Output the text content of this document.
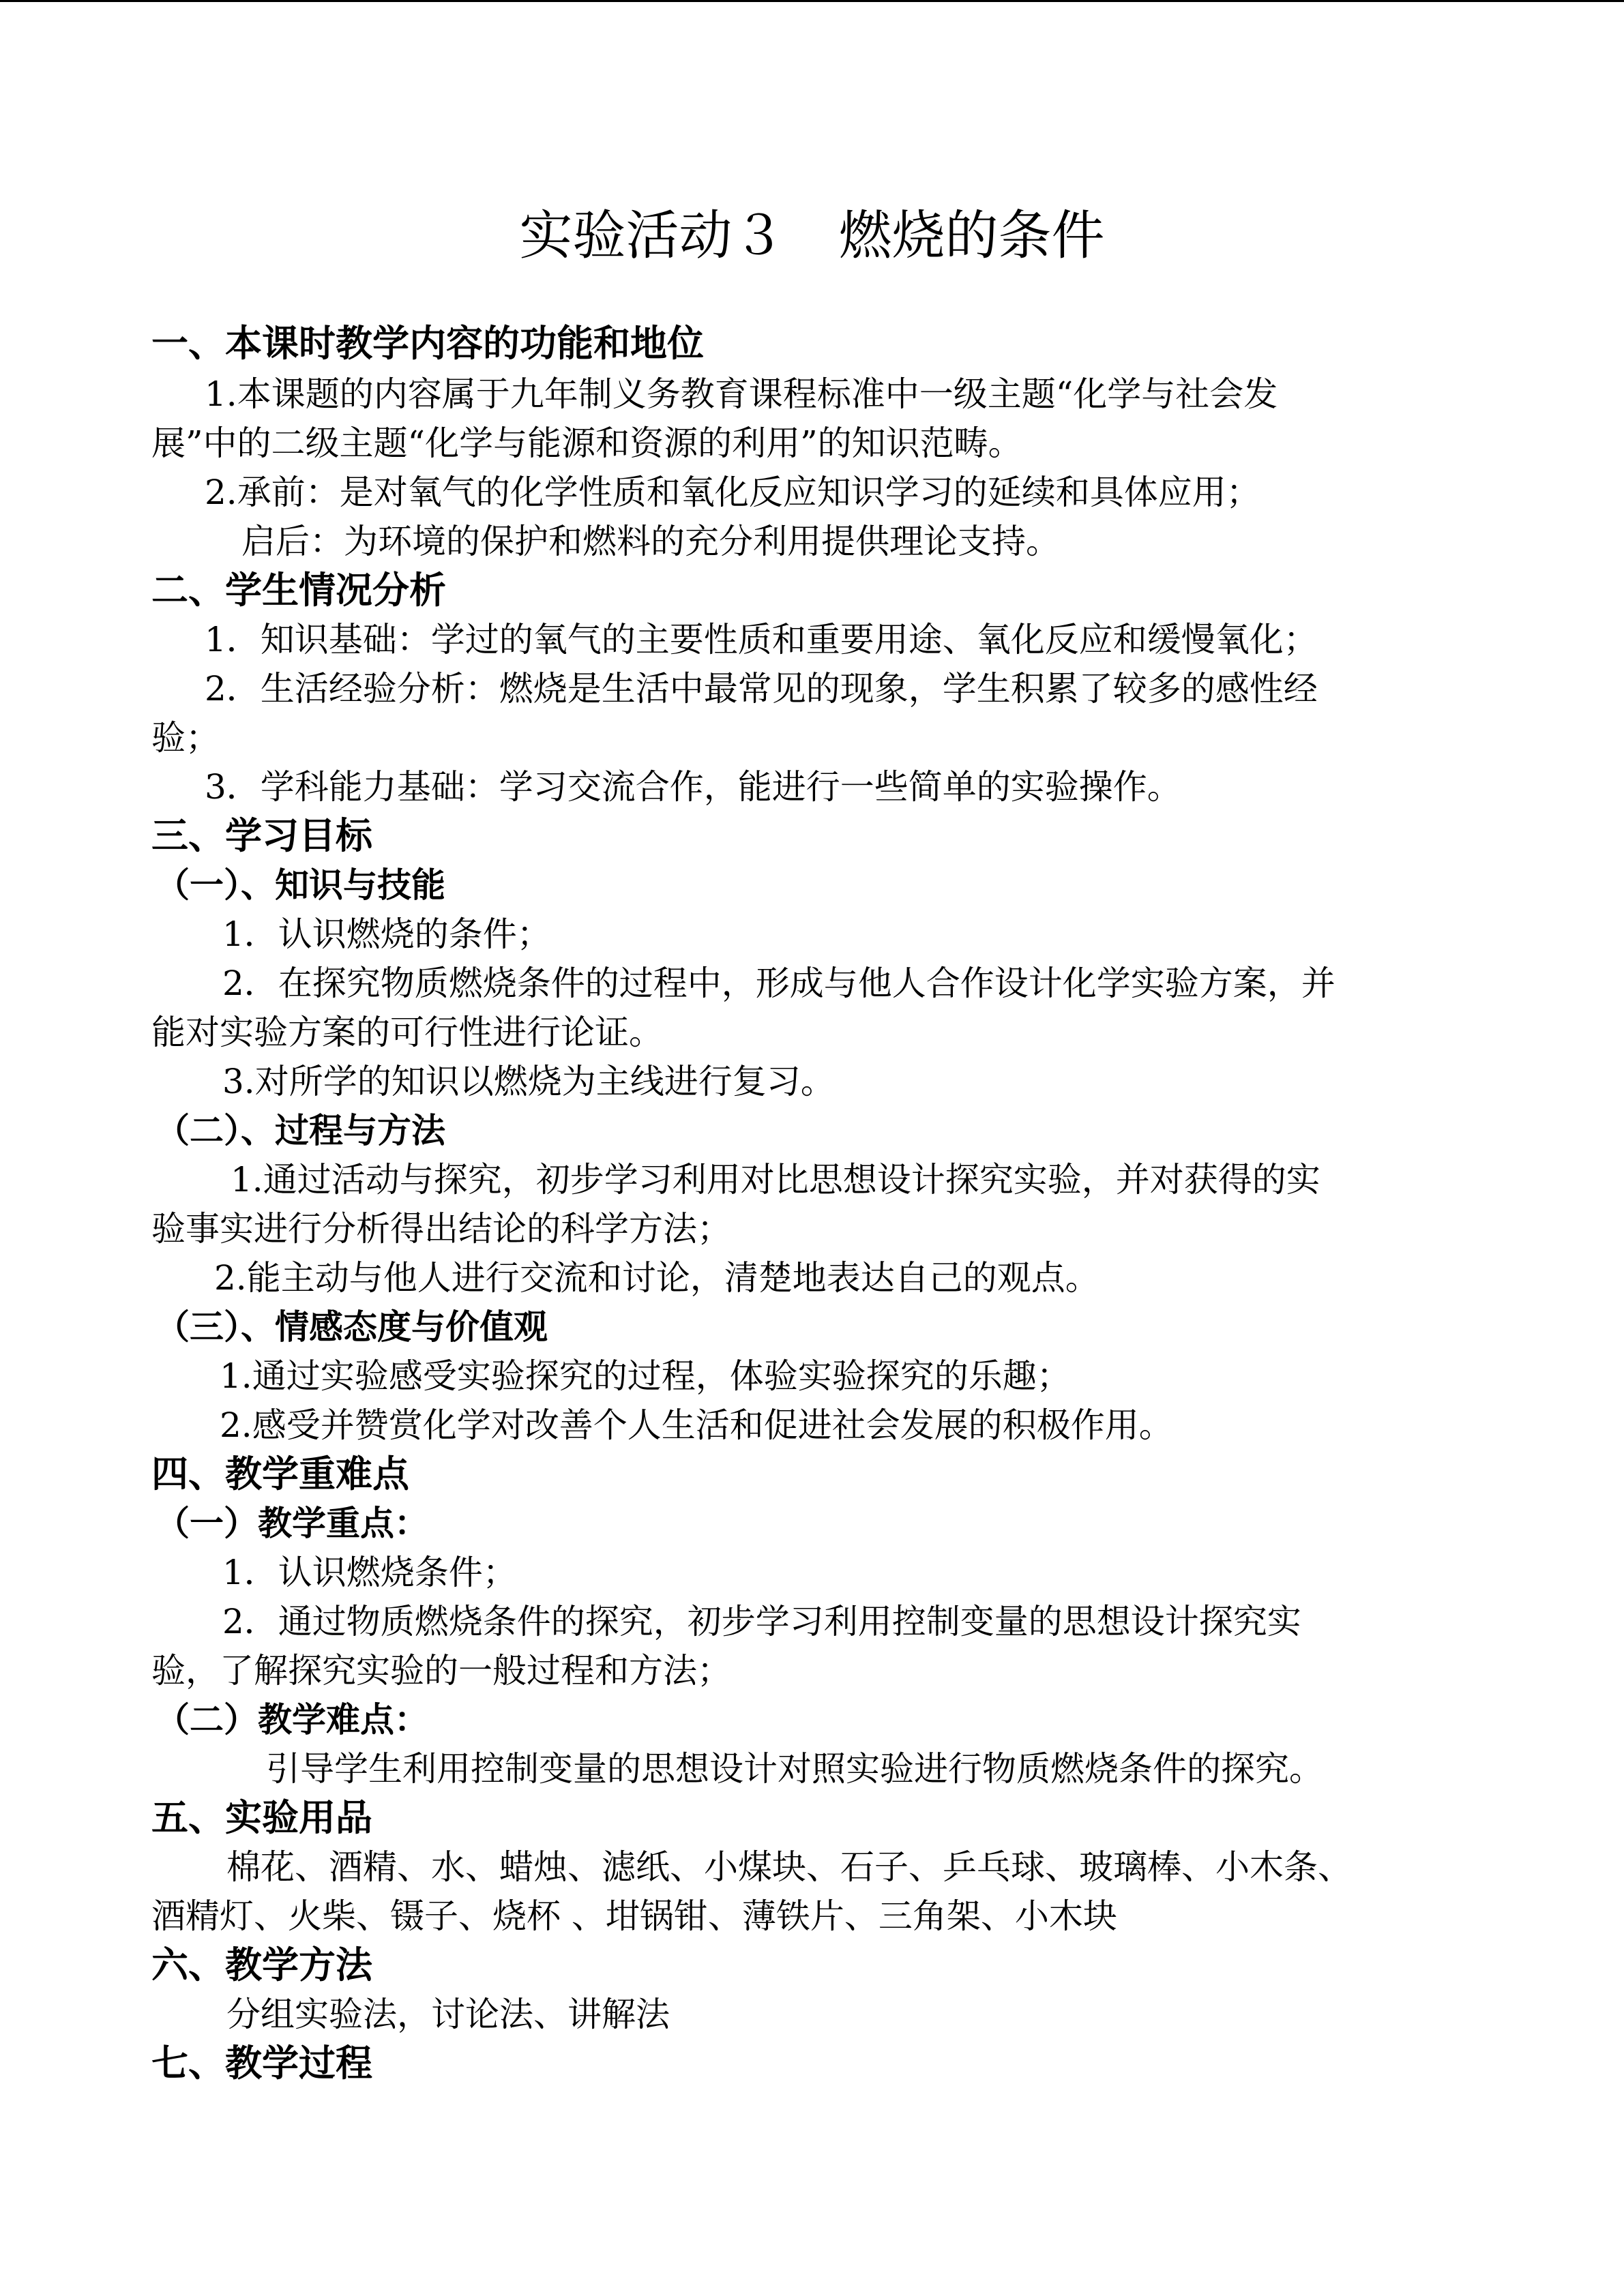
实验活动３　燃烧的条件
一、本课时教学内容的功能和地位
1.本课题的内容属于九年制义务教育课程标准中一级主题“化学与社会发
展”中的二级主题“化学与能源和资源的利用”的知识范畴。
2.承前：是对氧气的化学性质和氧化反应知识学习的延续和具体应用；
启后：为环境的保护和燃料的充分利用提供理论支持。
二、学生情况分析
1．知识基础：学过的氧气的主要性质和重要用途、氧化反应和缓慢氧化；
2．生活经验分析：燃烧是生活中最常见的现象，学生积累了较多的感性经
验；
3．学科能力基础：学习交流合作，能进行一些简单的实验操作。
三、学习目标
（一）、知识与技能
1．认识燃烧的条件；
2．在探究物质燃烧条件的过程中，形成与他人合作设计化学实验方案，并
能对实验方案的可行性进行论证。
3.对所学的知识以燃烧为主线进行复习。
（二）、过程与方法
1.通过活动与探究，初步学习利用对比思想设计探究实验，并对获得的实
验事实进行分析得出结论的科学方法；
2.能主动与他人进行交流和讨论，清楚地表达自己的观点。
（三）、情感态度与价值观
1.通过实验感受实验探究的过程，体验实验探究的乐趣；
2.感受并赞赏化学对改善个人生活和促进社会发展的积极作用。
四、教学重难点
（一）教学重点：
1．认识燃烧条件；
2．通过物质燃烧条件的探究，初步学习利用控制变量的思想设计探究实
验，了解探究实验的一般过程和方法；
（二）教学难点：
引导学生利用控制变量的思想设计对照实验进行物质燃烧条件的探究。
五、实验用品
棉花、酒精、水、蜡烛、滤纸、小煤块、石子、乒乓球、玻璃棒、小木条、
酒精灯、火柴、镊子、烧杯 、坩锅钳、薄铁片、三角架、小木块
六、教学方法
分组实验法，讨论法、讲解法
七、教学过程
